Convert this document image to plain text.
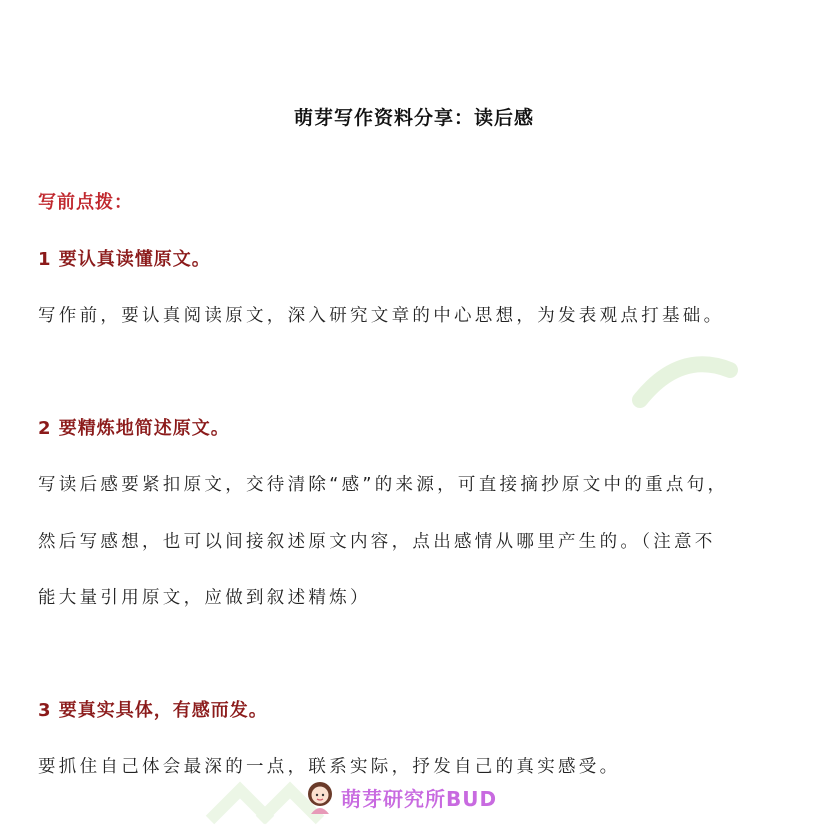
萌芽写作资料分享：读后感
写前点拨：
1 要认真读懂原文。
写作前，要认真阅读原文，深入研究文章的中心思想，为发表观点打基础。
2 要精炼地简述原文。
写读后感要紧扣原文，交待清除“感”的来源，可直接摘抄原文中的重点句，
然后写感想，也可以间接叙述原文内容，点出感情从哪里产生的。（注意不
能大量引用原文，应做到叙述精炼）
3 要真实具体，有感而发。
要抓住自己体会最深的一点，联系实际，抒发自己的真实感受。
萌芽研究所BUD
